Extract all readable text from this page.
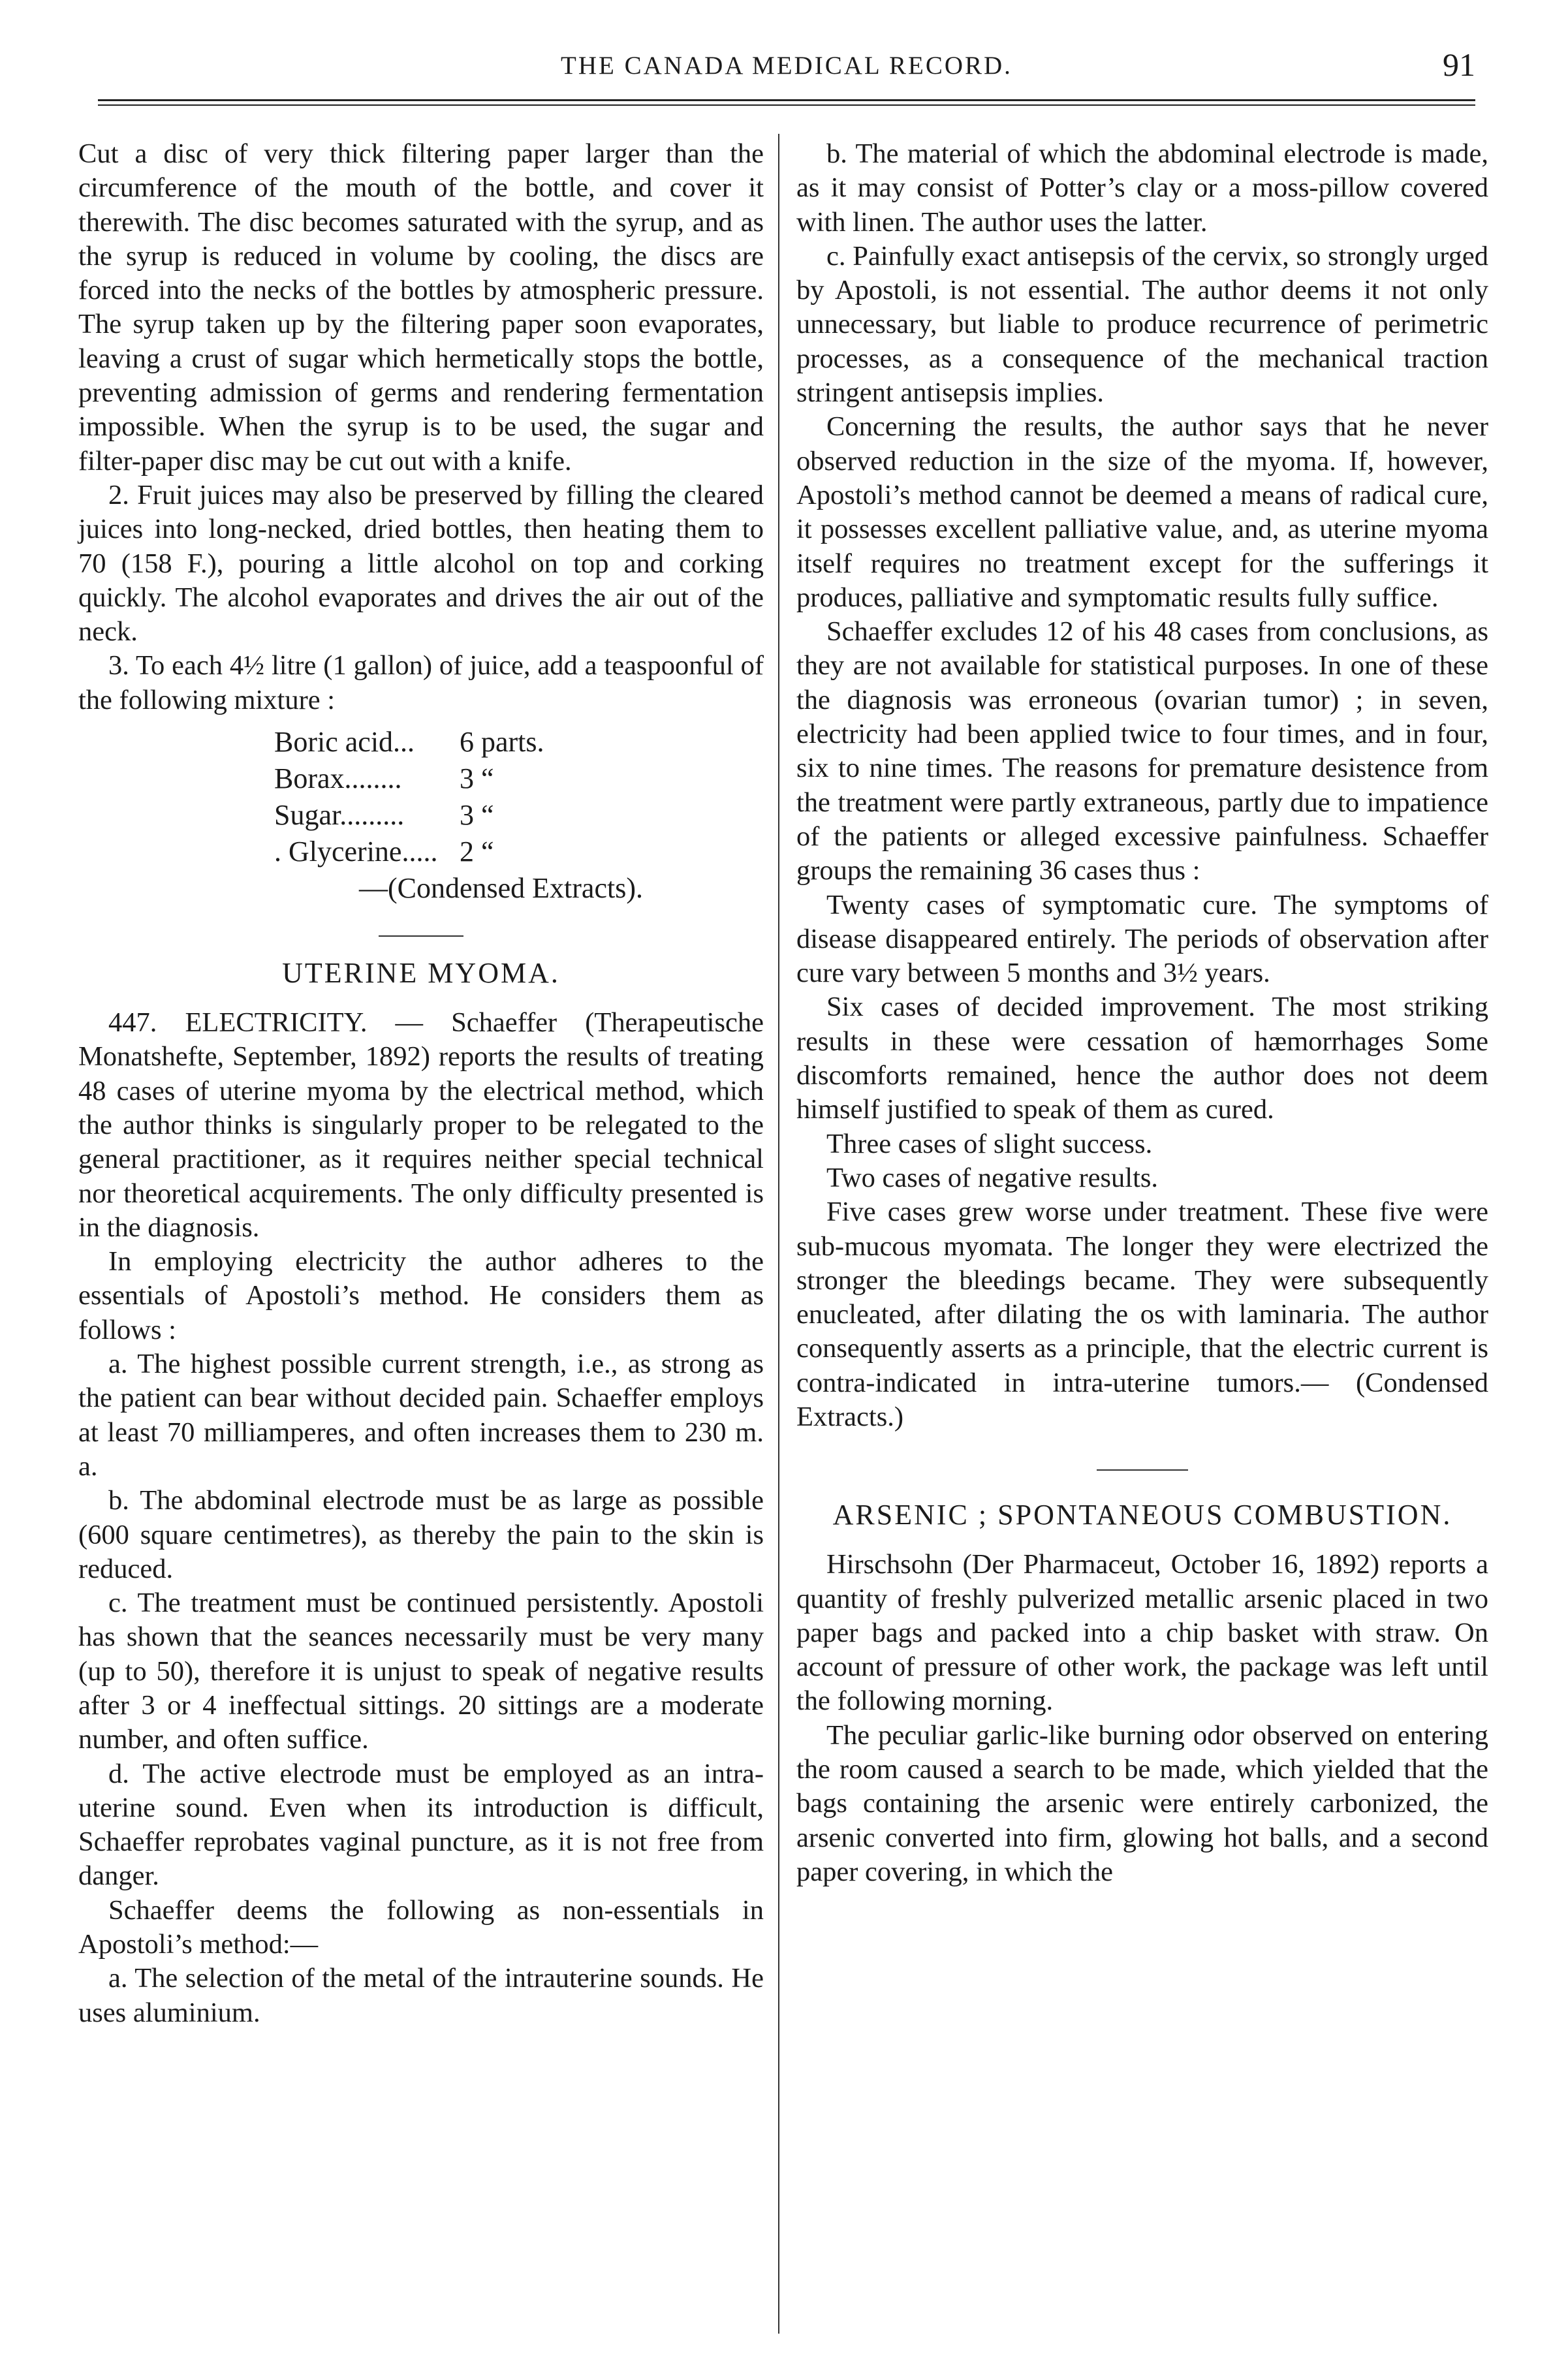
THE CANADA MEDICAL RECORD.	91

Cut a disc of very thick filtering paper larger than the circumference of the mouth of the bottle, and cover it therewith. The disc becomes saturated with the syrup, and as the syrup is reduced in volume by cooling, the discs are forced into the necks of the bottles by atmospheric pressure. The syrup taken up by the filtering paper soon evaporates, leaving a crust of sugar which hermetically stops the bottle, preventing admission of germs and rendering fermentation impossible. When the syrup is to be used, the sugar and filter-paper disc may be cut out with a knife.

2. Fruit juices may also be preserved by filling the cleared juices into long-necked, dried bottles, then heating them to 70 (158 F.), pouring a little alcohol on top and corking quickly. The alcohol evaporates and drives the air out of the neck.

3. To each 4½ litre (1 gallon) of juice, add a teaspoonful of the following mixture :

Boric acid...	6 parts.
Borax........	3 “
Sugar.........	3 “
. Glycerine..... 2 “
—(Condensed Extracts).
UTERINE MYOMA.

447. ELECTRICITY. — Schaeffer (Therapeutische Monatshefte, September, 1892) reports the results of treating 48 cases of uterine myoma by the electrical method, which the author thinks is singularly proper to be relegated to the general practitioner, as it requires neither special technical nor theoretical acquirements. The only difficulty presented is in the diagnosis.

In employing electricity the author adheres to the essentials of Apostoli’s method. He considers them as follows :

a. The highest possible current strength, i.e., as strong as the patient can bear without decided pain. Schaeffer employs at least 70 milliamperes, and often increases them to 230 m. a.

b. The abdominal electrode must be as large as possible (600 square centimetres), as thereby the pain to the skin is reduced.

c. The treatment must be continued persistently. Apostoli has shown that the seances necessarily must be very many (up to 50), therefore it is unjust to speak of negative results after 3 or 4 ineffectual sittings. 20 sittings are a moderate number, and often suffice.

d. The active electrode must be employed as an intra-uterine sound. Even when its introduction is difficult, Schaeffer reprobates vaginal puncture, as it is not free from danger.

Schaeffer deems the following as non-essentials in Apostoli’s method:—

a. The selection of the metal of the intrauterine sounds. He uses aluminium.

b. The material of which the abdominal electrode is made, as it may consist of Potter’s clay or a moss-pillow covered with linen. The author uses the latter.

c. Painfully exact antisepsis of the cervix, so strongly urged by Apostoli, is not essential. The author deems it not only unnecessary, but liable to produce recurrence of perimetric processes, as a consequence of the mechanical traction stringent antisepsis implies.

Concerning the results, the author says that he never observed reduction in the size of the myoma. If, however, Apostoli’s method cannot be deemed a means of radical cure, it possesses excellent palliative value, and, as uterine myoma itself requires no treatment except for the sufferings it produces, palliative and symptomatic results fully suffice.

Schaeffer excludes 12 of his 48 cases from conclusions, as they are not available for statistical purposes. In one of these the diagnosis was erroneous (ovarian tumor) ; in seven, electricity had been applied twice to four times, and in four, six to nine times. The reasons for premature desistence from the treatment were partly extraneous, partly due to impatience of the patients or alleged excessive painfulness. Schaeffer groups the remaining 36 cases thus :

Twenty cases of symptomatic cure. The symptoms of disease disappeared entirely. The periods of observation after cure vary between 5 months and 3½ years.

Six cases of decided improvement. The most striking results in these were cessation of hæmorrhages Some discomforts remained, hence the author does not deem himself justified to speak of them as cured.

Three cases of slight success.

Two cases of negative results.

Five cases grew worse under treatment. These five were sub-mucous myomata. The longer they were electrized the stronger the bleedings became. They were subsequently enucleated, after dilating the os with laminaria. The author consequently asserts as a principle, that the electric current is contra-indicated in intra-uterine tumors.— (Condensed Extracts.)

ARSENIC ; SPONTANEOUS COMBUSTION.

Hirschsohn (Der Pharmaceut, October 16, 1892) reports a quantity of freshly pulverized metallic arsenic placed in two paper bags and packed into a chip basket with straw. On account of pressure of other work, the package was left until the following morning.

The peculiar garlic-like burning odor observed on entering the room caused a search to be made, which yielded that the bags containing the arsenic were entirely carbonized, the arsenic converted into firm, glowing hot balls, and a second paper covering, in which the
